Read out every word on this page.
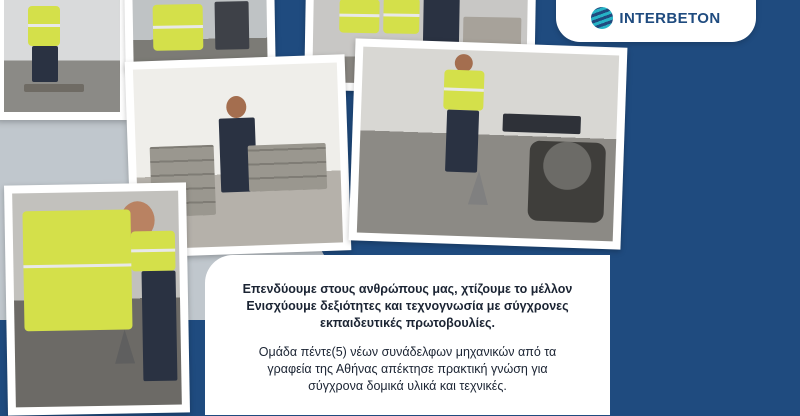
INTERBETON

Επενδύουμε στους ανθρώπους μας, χτίζουμε το μέλλον
Ενισχύουμε δεξιότητες και τεχνογνωσία με σύγχρονες
εκπαιδευτικές πρωτοβουλίες.

Ομάδα πέντε(5) νέων συνάδελφων μηχανικών από τα
γραφεία της Αθήνας απέκτησε πρακτική γνώση για
σύγχρονα δομικά υλικά και τεχνικές.
